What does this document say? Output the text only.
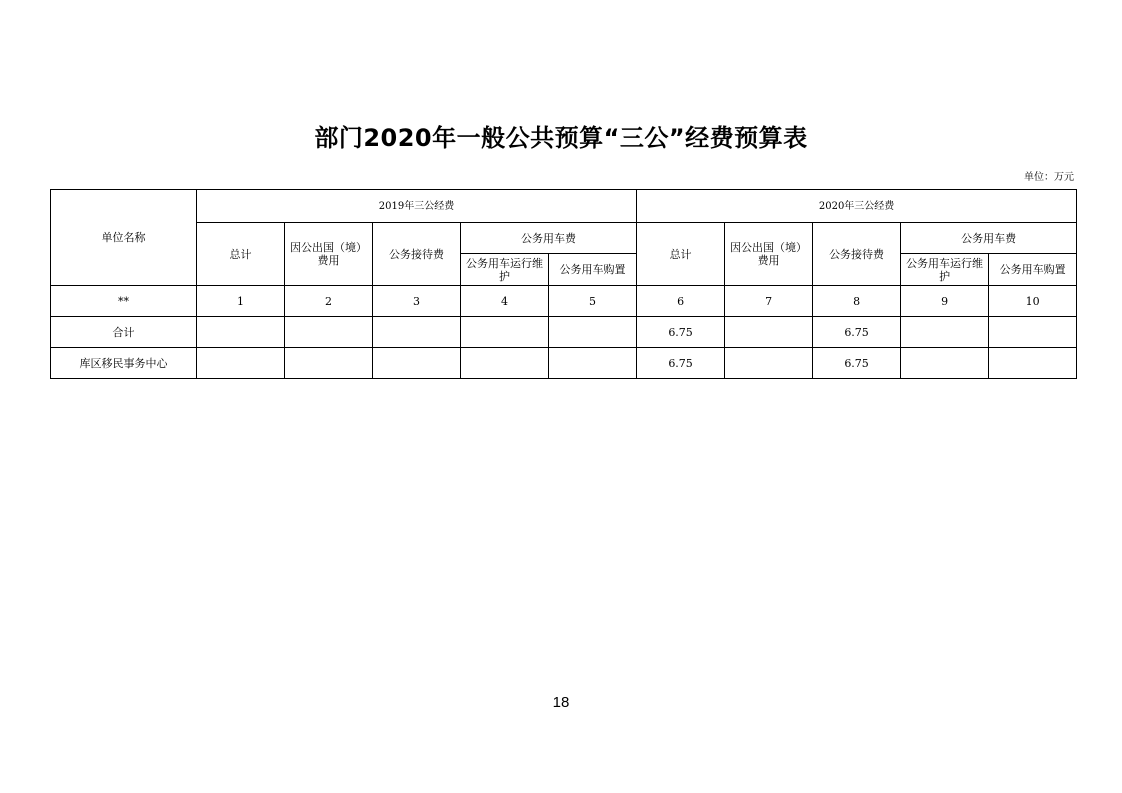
部门2020年一般公共预算“三公”经费预算表
单位：万元
单位名称	2019年三公经费					2020年三公经费				
	总计	因公出国（境）费用	公务接待费	公务用车费		总计	因公出国（境）费用	公务接待费	公务用车费	
				公务用车运行维护	公务用车购置				公务用车运行维护	公务用车购置
**	1	2	3	4	5	6	7	8	9	10
合计						6.75		6.75		
库区移民事务中心						6.75		6.75		
18
